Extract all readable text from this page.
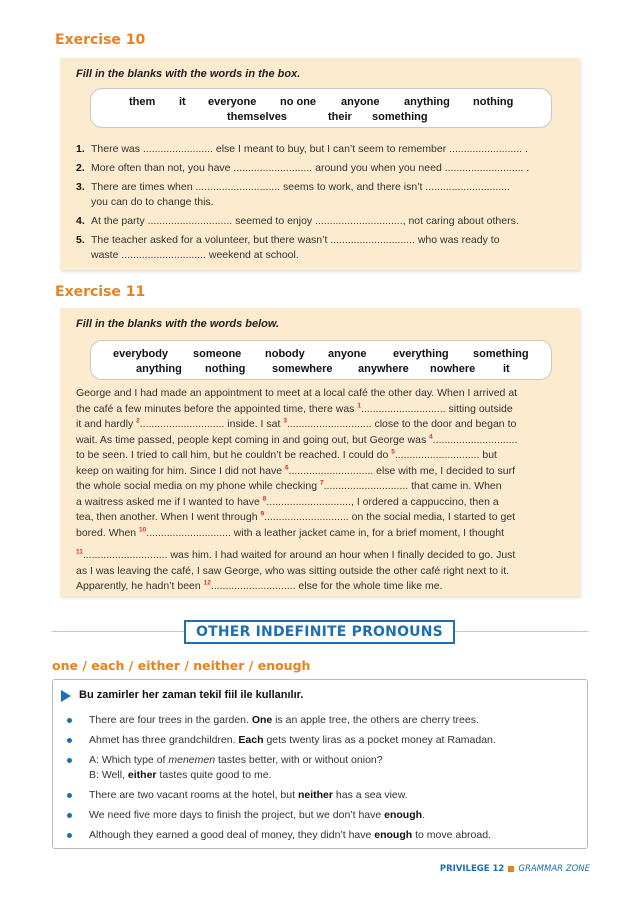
Exercise 10
Fill in the blanks with the words in the box.
them it everyone no one anyone anything nothing
themselves	their something
1. There was ........................ else I meant to buy, but I can’t seem to remember ......................... .
2. More often than not, you have ........................... around you when you need ........................... .
3. There are times when ............................. seems to work, and there isn’t .............................
you can do to change this.
4. At the party ............................. seemed to enjoy .............................., not caring about others.
5. The teacher asked for a volunteer, but there wasn’t ............................. who was ready to
waste ............................. weekend at school.
Exercise 11
Fill in the blanks with the words below.
everybody someone nobody anyone everything something
anything nothing somewhere anywhere nowhere	it
George and I had made an appointment to meet at a local café the other day. When I arrived at
the café a few minutes before the appointed time, there was $^1$............................. sitting outside
it and hardly $^2$............................. inside. I sat $^3$............................. close to the door and began to
wait. As time passed, people kept coming in and going out, but George was $^4$.............................
to be seen. I tried to call him, but he couldn’t be reached. I could do $^5$............................. but
keep on waiting for him. Since I did not have $^6$............................. else with me, I decided to surf
the whole social media on my phone while checking $^7$............................. that came in. When
a waitress asked me if I wanted to have $^8$............................., I ordered a cappuccino, then a
tea, then another. When I went through $^9$............................. on the social media, I started to get
bored. When $^{10}$............................. with a leather jacket came in, for a brief moment, I thought
$^{11}$............................. was him. I had waited for around an hour when I finally decided to go. Just
as I was leaving the café, I saw George, who was sitting outside the other café right next to it.
Apparently, he hadn’t been $^{12}$............................. else for the whole time like me.
OTHER INDEFINITE PRONOUNS
one / each / either / neither / enough
Bu zamirler her zaman tekil fiil ile kullanılır.
There are four trees in the garden. One is an apple tree, the others are cherry trees.
Ahmet has three grandchildren. Each gets twenty liras as a pocket money at Ramadan.
A: Which type of menemen tastes better, with or without onion?
B: Well, either tastes quite good to me.
There are two vacant rooms at the hotel, but neither has a sea view.
We need five more days to finish the project, but we don’t have enough.
Although they earned a good deal of money, they didn’t have enough to move abroad.
PRIVILEGE 12 GRAMMAR ZONE
